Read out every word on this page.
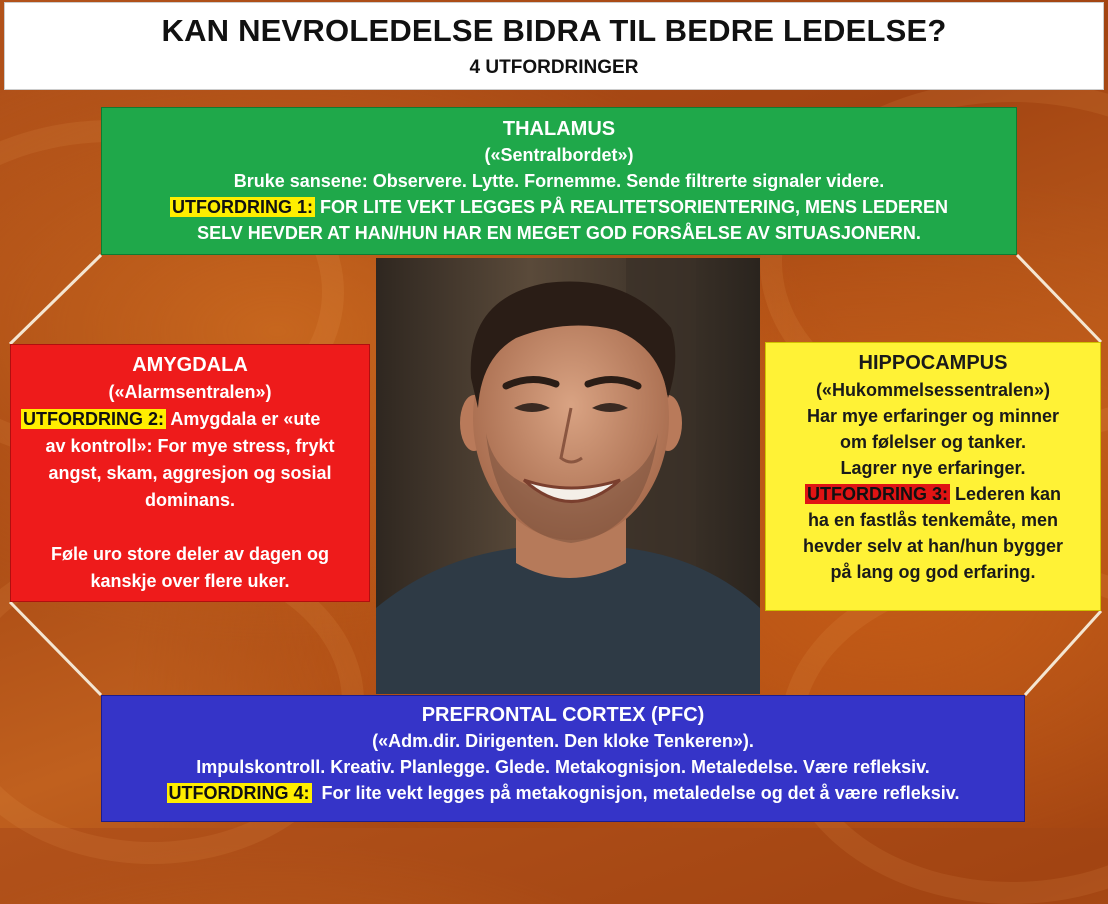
KAN NEVROLEDELSE BIDRA TIL BEDRE LEDELSE?
4 UTFORDRINGER

THALAMUS

(«Sentralbordet»)

Bruke sansene: Observere. Lytte. Fornemme. Sende filtrerte signaler videre.

UTFORDRING 1: FOR LITE VEKT LEGGES PÅ REALITETSORIENTERING, MENS LEDEREN

SELV HEVDER AT HAN/HUN HAR EN MEGET GOD FORSÅELSE AV SITUASJONERN.

AMYGDALA

(«Alarmsentralen»)

UTFORDRING 2: Amygdala er «ute

av kontroll»: For mye stress, frykt

angst, skam, aggresjon og sosial

dominans.

Føle uro store deler av dagen og

kanskje over flere uker.

HIPPOCAMPUS

(«Hukommelsessentralen»)

Har mye erfaringer og minner

om følelser og tanker.

Lagrer nye erfaringer.

UTFORDRING 3: Lederen kan

ha en fastlås tenkemåte, men

hevder selv at han/hun bygger

på lang og god erfaring.

PREFRONTAL CORTEX (PFC)

(«Adm.dir. Dirigenten. Den kloke Tenkeren»).

Impulskontroll. Kreativ. Planlegge. Glede. Metakognisjon. Metaledelse. Være refleksiv.

UTFORDRING 4:  For lite vekt legges på metakognisjon, metaledelse og det å være refleksiv.
